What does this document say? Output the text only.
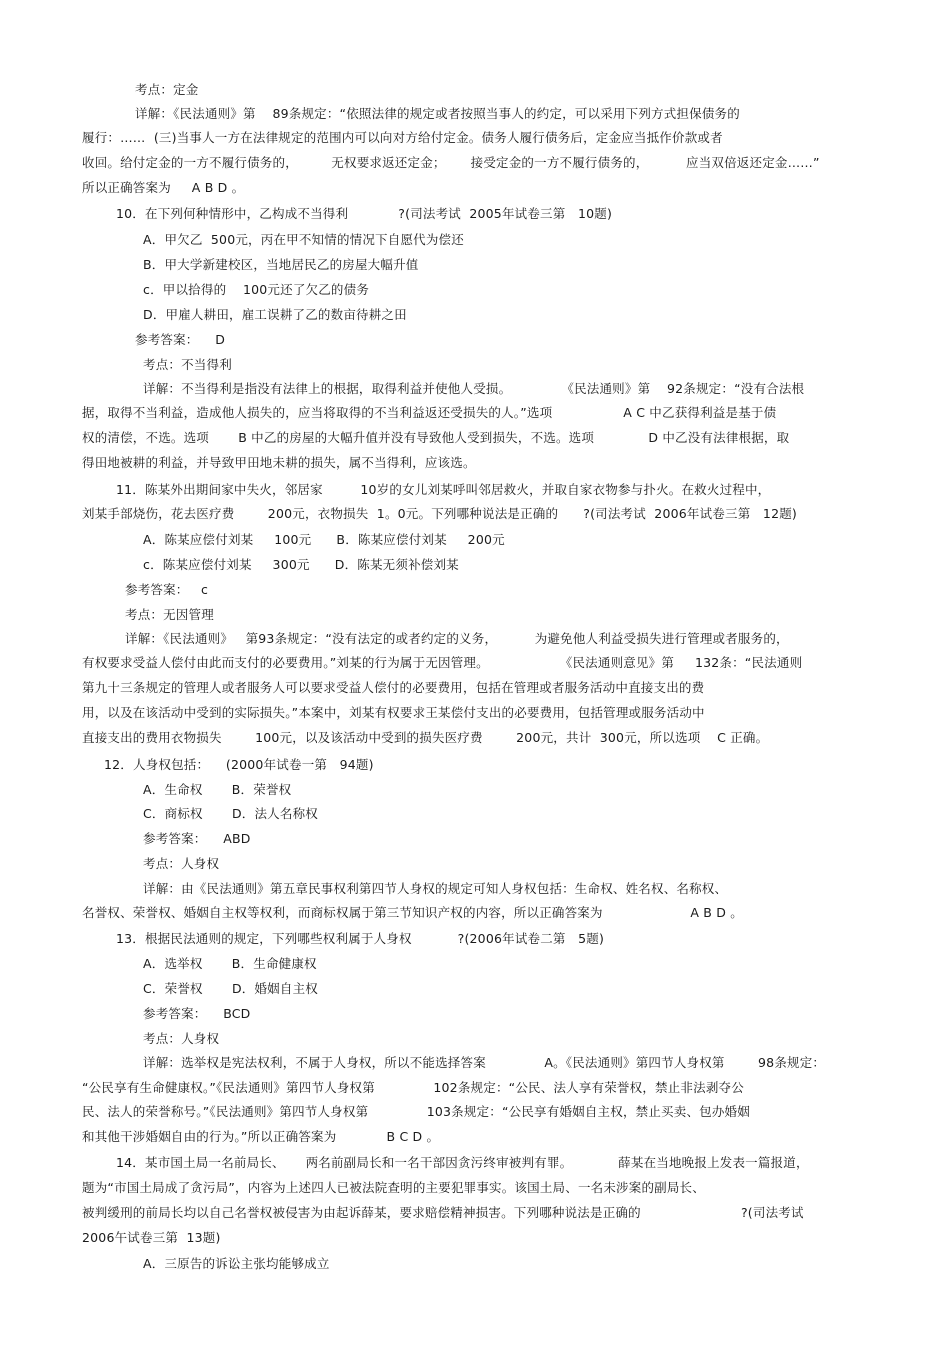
考点：定金
详解：《民法通则》第    89条规定：“依照法律的规定或者按照当事人的约定，可以采用下列方式担保债务的
履行：……  (三)当事人一方在法律规定的范围内可以向对方给付定金。债务人履行债务后，定金应当抵作价款或者
收回。给付定金的一方不履行债务的，        无权要求返还定金；      接受定金的一方不履行债务的，         应当双倍返还定金……”
所以正确答案为     A B D 。
10．在下列何种情形中，乙构成不当得利            ?(司法考试  2005年试卷三第   10题)
A．甲欠乙  500元，丙在甲不知情的情况下自愿代为偿还
B．甲大学新建校区，当地居民乙的房屋大幅升值
c．甲以拾得的    100元还了欠乙的债务
D．甲雇人耕田，雇工误耕了乙的数亩待耕之田
参考答案：    D
考点：不当得利
详解：不当得利是指没有法律上的根据，取得利益并使他人受损。            《民法通则》第    92条规定：“没有合法根
据，取得不当利益，造成他人损失的，应当将取得的不当利益返还受损失的人。”选项                 A C 中乙获得利益是基于债
权的清偿，不选。选项       B 中乙的房屋的大幅升值并没有导致他人受到损失，不选。选项             D 中乙没有法律根据，取
得田地被耕的利益，并导致甲田地未耕的损失，属不当得利，应该选。
11．陈某外出期间家中失火，邻居家         10岁的女儿刘某呼叫邻居救火，并取自家衣物参与扑火。在救火过程中，
刘某手部烧伤，花去医疗费        200元，衣物损失  1。0元。下列哪种说法是正确的      ?(司法考试  2006年试卷三第   12题)
A．陈某应偿付刘某     100元      B．陈某应偿付刘某     200元
c．陈某应偿付刘某     300元      D．陈某无须补偿刘某
参考答案：   c
考点：无因管理
详解：《民法通则》   第93条规定：“没有法定的或者约定的义务，         为避免他人利益受损失进行管理或者服务的，
有权要求受益人偿付由此而支付的必要费用。”刘某的行为属于无因管理。                 《民法通则意见》第     132条：“民法通则
第九十三条规定的管理人或者服务人可以要求受益人偿付的必要费用，包括在管理或者服务活动中直接支出的费
用，以及在该活动中受到的实际损失。”本案中，刘某有权要求王某偿付支出的必要费用，包括管理或服务活动中
直接支出的费用衣物损失        100元，以及该活动中受到的损失医疗费        200元，共计  300元，所以选项    C 正确。
12．人身权包括：    (2000年试卷一第   94题)
A．生命权       B．荣誉权
C．商标权       D．法人名称权
参考答案：    ABD
考点：人身权
详解：由《民法通则》第五章民事权利第四节人身权的规定可知人身权包括：生命权、姓名权、名称权、
名誉权、荣誉权、婚姻自主权等权利，而商标权属于第三节知识产权的内容，所以正确答案为                     A B D 。
13．根据民法通则的规定，下列哪些权利属于人身权           ?(2006年试卷二第   5题)
A．选举权       B．生命健康权
C．荣誉权       D．婚姻自主权
参考答案：    BCD
考点：人身权
详解：选举权是宪法权利，不属于人身权，所以不能选择答案              A。《民法通则》第四节人身权第        98条规定：
“公民享有生命健康权。”《民法通则》第四节人身权第              102条规定：“公民、法人享有荣誉权，禁止非法剥夺公
民、法人的荣誉称号。”《民法通则》第四节人身权第              103条规定：“公民享有婚姻自主权，禁止买卖、包办婚姻
和其他干涉婚姻自由的行为。”所以正确答案为            B C D 。
14．某市国土局一名前局长、     两名前副局长和一名干部因贪污终审被判有罪。           薛某在当地晚报上发表一篇报道，
题为“市国土局成了贪污局”，内容为上述四人已被法院查明的主要犯罪事实。该国土局、一名未涉案的副局长、
被判缓刑的前局长均以自己名誉权被侵害为由起诉薛某，要求赔偿精神损害。下列哪种说法是正确的                        ?(司法考试
2006午试卷三第  13题)
A．三原告的诉讼主张均能够成立
